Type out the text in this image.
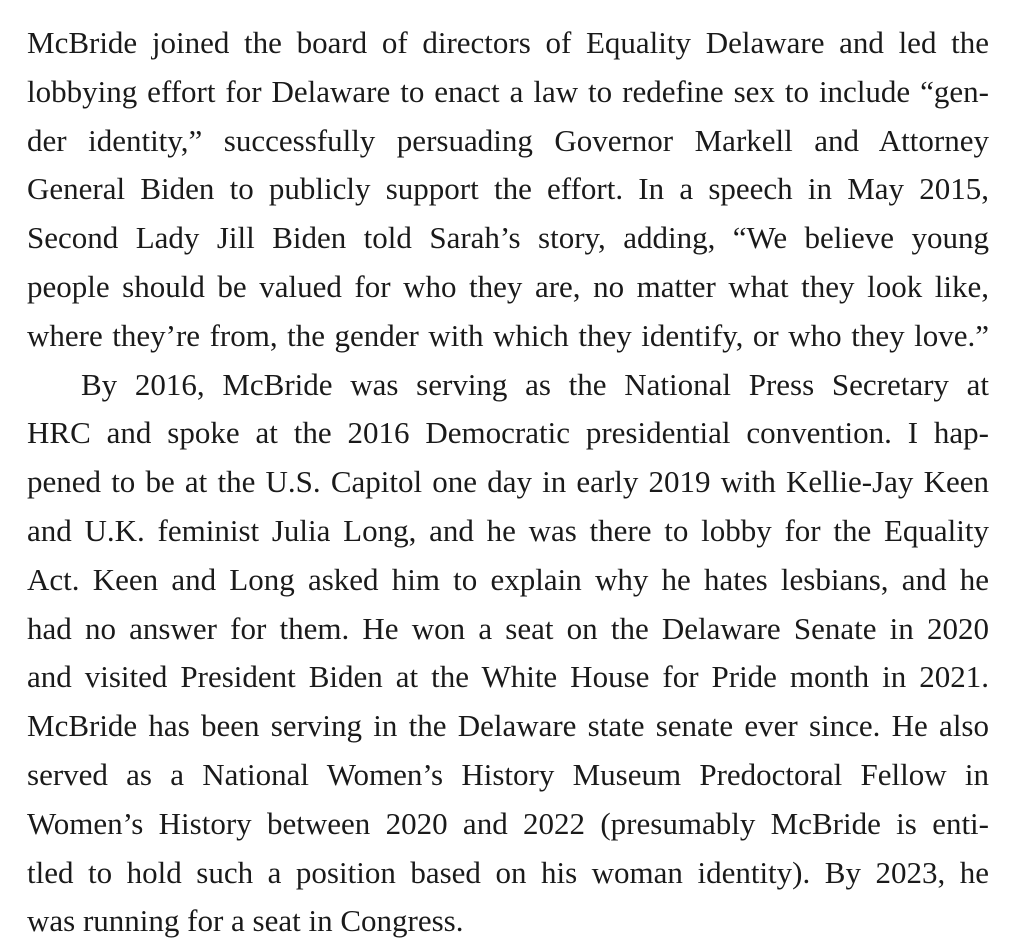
McBride joined the board of directors of Equality Delaware and led the
lobbying effort for Delaware to enact a law to redefine sex to include “gen-
der identity,” successfully persuading Governor Markell and Attorney
General Biden to publicly support the effort. In a speech in May 2015,
Second Lady Jill Biden told Sarah’s story, adding, “We believe young
people should be valued for who they are, no matter what they look like,
where they’re from, the gender with which they identify, or who they love.”
By 2016, McBride was serving as the National Press Secretary at
HRC and spoke at the 2016 Democratic presidential convention. I hap-
pened to be at the U.S. Capitol one day in early 2019 with Kellie-Jay Keen
and U.K. feminist Julia Long, and he was there to lobby for the Equality
Act. Keen and Long asked him to explain why he hates lesbians, and he
had no answer for them. He won a seat on the Delaware Senate in 2020
and visited President Biden at the White House for Pride month in 2021.
McBride has been serving in the Delaware state senate ever since. He also
served as a National Women’s History Museum Predoctoral Fellow in
Women’s History between 2020 and 2022 (presumably McBride is enti-
tled to hold such a position based on his woman identity). By 2023, he
was running for a seat in Congress.
